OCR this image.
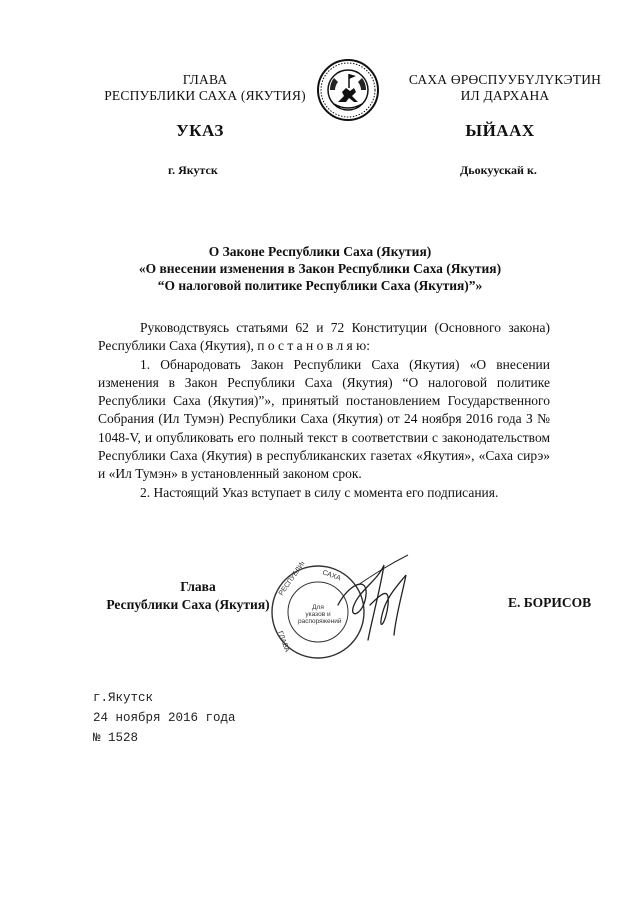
ГЛАВА
РЕСПУБЛИКИ САХА (ЯКУТИЯ)
САХА ӨРӨСПУУБҮЛҮКЭТИН
ИЛ ДАРХАНА
УКАЗ	ЫЙААХ
г. Якутск	Дьокуускай к.
О Законе Республики Саха (Якутия)
«О внесении изменения в Закон Республики Саха (Якутия)
“О налоговой политике Республики Саха (Якутия)”»

Руководствуясь статьями 62 и 72 Конституции (Основного закона) Республики Саха (Якутия), п о с т а н о в л я ю:

1. Обнародовать Закон Республики Саха (Якутия) «О внесении изменения в Закон Республики Саха (Якутия) “О налоговой политике Республики Саха (Якутия)”», принятый постановлением Государственного Собрания (Ил Тумэн) Республики Саха (Якутия) от 24 ноября 2016 года З № 1048-V, и опубликовать его полный текст в соответствии с законодательством Республики Саха (Якутия) в республиканских газетах «Якутия», «Саха сирэ» и «Ил Тумэн» в установленный законом срок.

2. Настоящий Указ вступает в силу с момента его подписания.

Глава
Республики Саха (Якутия)	Е. БОРИСОВ
РЕСПУБЛИКИ САХА
ГЛАВА
Для
указов и
распоряжений
г.Якутск
24 ноября 2016 года
№ 1528
